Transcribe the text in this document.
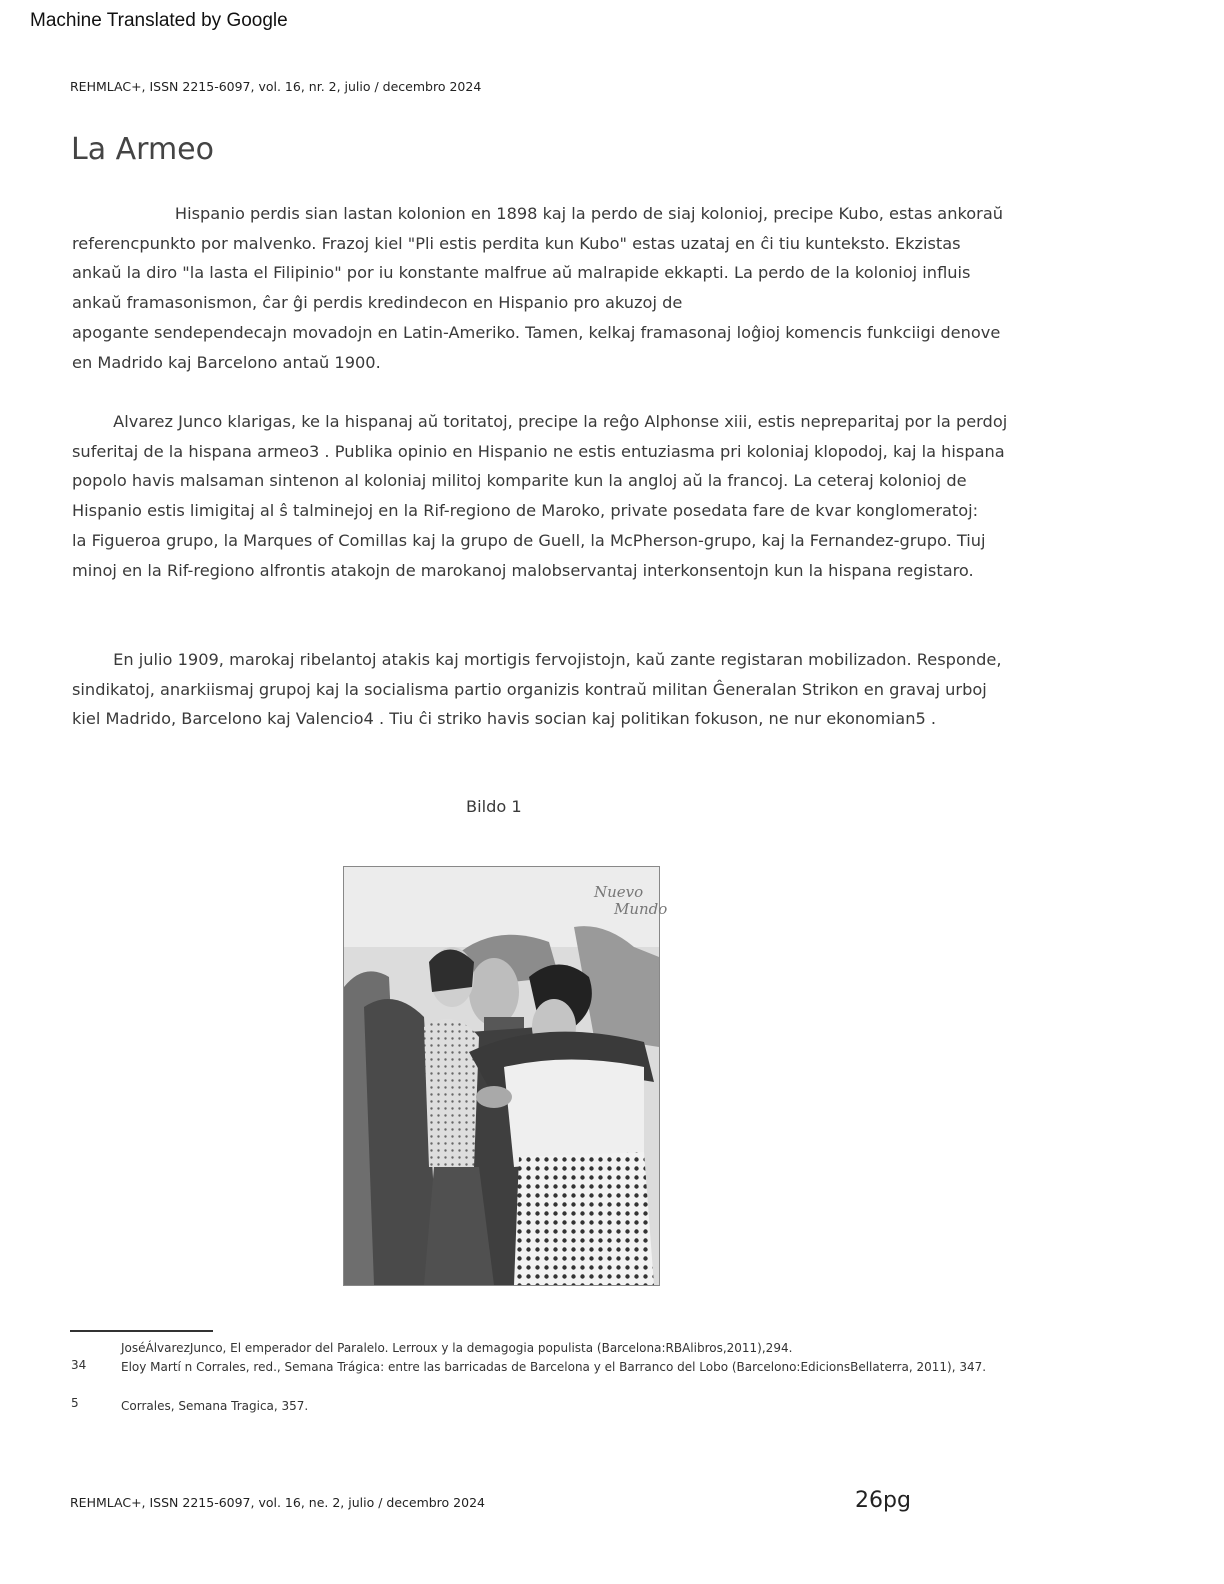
Machine Translated by Google
REHMLAC+, ISSN 2215-6097, vol. 16, nr. 2, julio / decembro 2024
La Armeo
Hispanio perdis sian lastan kolonion en 1898 kaj la perdo de siaj kolonioj, precipe Kubo, estas ankoraŭ
referencpunkto por malvenko. Frazoj kiel "Pli estis perdita kun Kubo" estas uzataj en ĉi tiu kunteksto. Ekzistas
ankaŭ la diro "la lasta el Filipinio" por iu konstante malfrue aŭ malrapide ekkapti. La perdo de la kolonioj influis
ankaŭ framasonismon, ĉar ĝi perdis kredindecon en Hispanio pro akuzoj de
apogante sendependecajn movadojn en Latin-Ameriko. Tamen, kelkaj framasonaj loĝioj komencis funkciigi denove
en Madrido kaj Barcelono antaŭ 1900.
Alvarez Junco klarigas, ke la hispanaj aŭ toritatoj, precipe la reĝo Alphonse xiii, estis nepreparitaj por la perdoj
suferitaj de la hispana armeo3 . Publika opinio en Hispanio ne estis entuziasma pri koloniaj klopodoj, kaj la hispana
popolo havis malsaman sintenon al koloniaj militoj komparite kun la angloj aŭ la francoj. La ceteraj kolonioj de
Hispanio estis limigitaj al ŝ talminejoj en la Rif-regiono de Maroko, private posedata fare de kvar konglomeratoj:
la Figueroa grupo, la Marques of Comillas kaj la grupo de Guell, la McPherson-grupo, kaj la Fernandez-grupo. Tiuj
minoj en la Rif-regiono alfrontis atakojn de marokanoj malobservantaj interkonsentojn kun la hispana registaro.
En julio 1909, marokaj ribelantoj atakis kaj mortigis fervojistojn, kaŭ zante registaran mobilizadon. Responde,
sindikatoj, anarkiismaj grupoj kaj la socialisma partio organizis kontraŭ militan Ĝeneralan Strikon en gravaj urboj
kiel Madrido, Barcelono kaj Valencio4 . Tiu ĉi striko havis socian kaj politikan fokuson, ne nur ekonomian5 .
Bildo 1
Nuevo
Mundo
JoséÁlvarezJunco, El emperador del Paralelo. Lerroux y la demagogia populista (Barcelona:RBAlibros,2011),294.
34	Eloy Martí n Corrales, red., Semana Trágica: entre las barricadas de Barcelona y el Barranco del Lobo (Barcelono:EdicionsBellaterra, 2011), 347.
5	Corrales, Semana Tragica, 357.
REHMLAC+, ISSN 2215-6097, vol. 16, ne. 2, julio / decembro 2024	26pg
